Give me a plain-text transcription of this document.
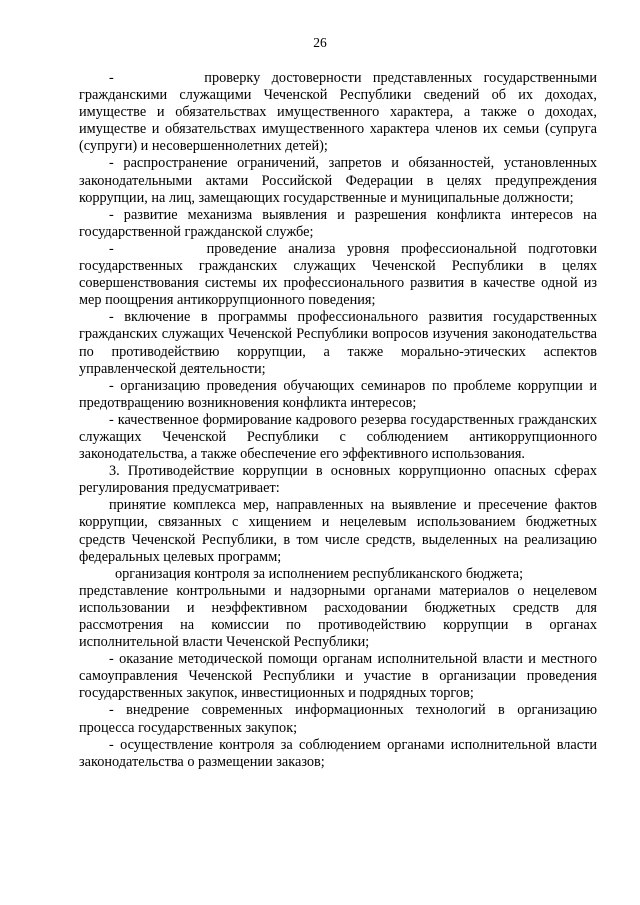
26

-        проверку достоверности представленных государственными гражданскими служащими Чеченской Республики сведений об их доходах, имуществе и обязательствах имущественного характера, а также о доходах, имуществе и обязательствах имущественного характера членов их семьи (супруга (супруги) и несовершеннолетних детей);

- распространение ограничений, запретов и обязанностей, установленных законодательными актами Российской Федерации в целях предупреждения коррупции, на лиц, замещающих государственные и муниципальные должности;

- развитие механизма выявления и разрешения конфликта интересов на государственной гражданской службе;

-        проведение анализа уровня профессиональной подготовки государственных гражданских служащих Чеченской Республики в целях совершенствования системы их профессионального развития в качестве одной из мер поощрения антикоррупционного поведения;

- включение в программы профессионального развития государственных гражданских служащих Чеченской Республики вопросов изучения законодательства по противодействию коррупции, а также морально-этических аспектов управленческой деятельности;

- организацию проведения обучающих семинаров по проблеме коррупции и предотвращению возникновения конфликта интересов;

- качественное формирование кадрового резерва государственных гражданских служащих Чеченской Республики с соблюдением антикоррупционного законодательства, а также обеспечение его эффективного использования.

3. Противодействие коррупции в основных коррупционно опасных сферах регулирования предусматривает:

принятие комплекса мер, направленных на выявление и пресечение фактов коррупции, связанных с хищением и нецелевым использованием бюджетных средств Чеченской Республики, в том числе средств, выделенных на реализацию федеральных целевых программ;

организация контроля за исполнением республиканского бюджета;

представление контрольными и надзорными органами материалов о нецелевом использовании и неэффективном расходовании бюджетных средств для рассмотрения на комиссии по противодействию коррупции в органах исполнительной власти Чеченской Республики;

- оказание методической помощи органам исполнительной власти и местного самоуправления Чеченской Республики и участие в организации проведения государственных закупок, инвестиционных и подрядных торгов;

- внедрение современных информационных технологий в организацию процесса государственных закупок;

- осуществление контроля за соблюдением органами исполнительной власти законодательства о размещении заказов;
